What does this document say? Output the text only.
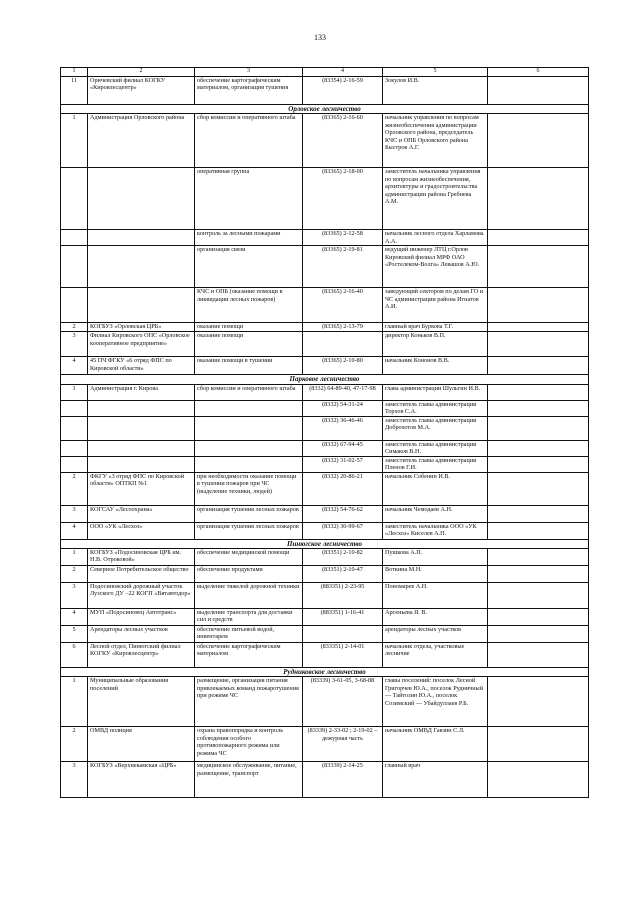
133
1	2	3	4	5	6
11	Оричевский филиал КОГКУ «Кировлесцентр»	обеспечение картографическим материалом, организация тушения	(83354) 2-16-59	Зокулов И.В.	
Орловское лесничество					
1	Администрация Орловского района	сбор комиссии и оперативного штаба	(83365) 2-16-60	начальник управления по вопросам жизнеобеспечения администрации Орловского района, председатель КЧС и ОПБ Орловского района Быстров А.Г.	
		оперативная группа	(83365) 2-18-00	заместитель начальника управления по вопросам жизнеобеспечения, архитектуры и градостроительства администрации района Гребнева А.М.	
		контроль за лесными пожарами	(83365) 2-12-58	начальник лесного отдела Харламова А.А.	
		организация связи	(83365) 2-19-81	ведущий инженер ЛТЦ г.Орлов Кировский филиал МРФ ОАО «Ростелеком-Волга» Левашов А.Ю.	
		КЧС и ОПБ (оказание помощи в ликвидации лесных пожаров)	(83365) 2-16-40	заведующий сектором по делам ГО и ЧС администрации района Игнатов А.И.	
2	КОГБУЗ «Орловская ЦРБ»	оказание помощи	(83365) 2-13-79	главный врач Буркова Т.Г.	
3	Филиал Кировского ОПС «Орловское кооперативное предприятие»	оказание помощи		директор Коньков В.П.	
4	45 ПЧ ФГКУ «6 отряд ФПС по Кировской области»	оказание помощи в тушении	(83365) 2-10-80	начальник Кононов В.В.	
Парковое лесничество					
1	Администрация г. Кирова	сбор комиссии и оперативного штаба	(8332) 64-89-40, 47-17-98	глава администрации Шульгин И.В.	
			(8332) 54-31-24	заместитель главы администрации Торхов С.А.	
			(8332) 36-46-46	заместитель главы администрации Доброхотов М.А.	
			(8332) 67-94-45	заместитель главы администрации Симаков В.Н.	
			(8332) 31-02-57	заместитель главы администрации Пленов Г.И.	
2	ФКГУ «3 отряд ФПС по Кировской области» ОПТКП №1	при необходимости оказание помощи в тушении пожаров при ЧС (выделение техники, людей)	(8332) 20-86-21	начальник Собенин И.В.	
3	КОГСАУ «Лесоохрана»	организация тушения лесных пожаров	(8332) 54-76-62	начальник Чемодаев А.Н.	
4	ООО «УК «Лесхоз»	организация тушения лесных пожаров	(8332) 30-99-67	заместитель начальника ООО «УК «Лесхоз» Киселев А.П.	
Пинюгское лесничество					
1	КОГБУЗ «Подосиновская ЦРБ им. Н.В. Отроковой»	обеспечение медицинской помощи	(83351) 2-10-82	Пушкова А.П.	
2	Северное Потребительское общество	обеспечение продуктами	(83351) 2-10-47	Воткина М.Н.	
3	Подосиновский дорожный участок Лузского ДУ –22 КОГП «Вятавтодор»	выделение тяжелой дорожной техники	(883351) 2-23-95	Пономарев А.Н.	
4	МУП «Подосиновец Автотранс»	выделение транспорта для доставки сил и средств	(883351) 1-16-41	Арсеньева Я. В.	
5	Арендаторы лесных участков	обеспечение питьевой водой, инвентарем		арендаторы лесных участков	
6	Лесной отдел, Пинюгский филиал КОГКУ «Кировлесцентр»	обеспечение картографическим материалом	(833351) 2-14-01	начальник отдела, участковые лесничие	
Рудниковское лесничество					
1	Муниципальные образования поселений	размещение, организация питания привлекаемых команд пожаротушения при режиме ЧС	(83339) 3-61-05, 3-68-88	главы поселений: поселок Лесной Григорчев Ю.А., поселок Рудничный — Тайтозин Ю.А., поселок Созимский — Убайдуллаев Р.Б.	
2	ОМВД полиция	охрана правопорядка и контроль соблюдения особого противопожарного режима или режима ЧС	(83339) 2-33-02 ; 2-19-02 –дежурная часть	начальник ОМВД Гавзин С.Л.	
3	КОГБУЗ «Верхнекамская «ЦРБ»	медицинское обслуживание, питание, размещение, транспорт	(83339) 2-14-25	главный врач	
